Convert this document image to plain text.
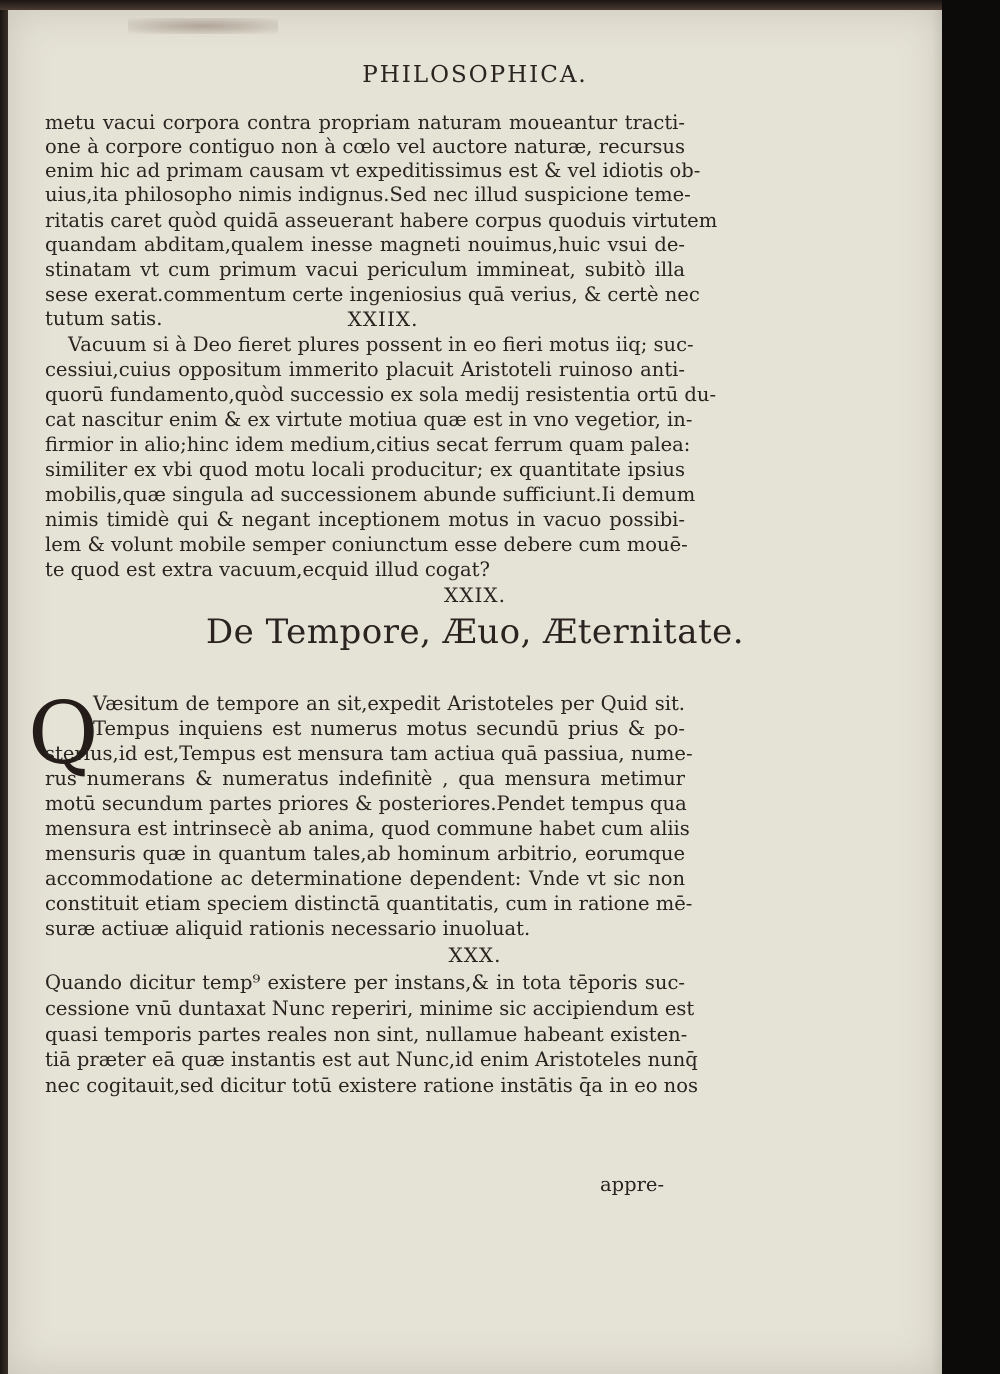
PHILOSOPHICA.

metu vacui corpora contra propriam naturam moueantur tracti-

one à corpore contiguo non à cœlo vel auctore naturæ, recursus

enim hic ad primam causam vt expeditissimus est & vel idiotis ob-

uius,ita philosopho nimis indignus.Sed nec illud suspicione teme-

ritatis caret quòd quidā asseuerant habere corpus quoduis virtutem

quandam abditam,qualem inesse magneti nouimus,huic vsui de-

stinatam vt cum primum vacui periculum immineat, subitò illa

sese exerat.commentum certe ingeniosius quā verius, & certè nec

tutum satis.	XXIIX.

Vacuum si à Deo fieret plures possent in eo fieri motus iiq; suc-

cessiui,cuius oppositum immerito placuit Aristoteli ruinoso anti-

quorū fundamento,quòd successio ex sola medij resistentia ortū du-

cat nascitur enim & ex virtute motiua quæ est in vno vegetior, in-

firmior in alio;hinc idem medium,citius secat ferrum quam palea:

similiter ex vbi quod motu locali producitur; ex quantitate ipsius

mobilis,quæ singula ad successionem abunde sufficiunt.Ii demum

nimis timidè qui & negant inceptionem motus in vacuo possibi-

lem & volunt mobile semper coniunctum esse debere cum mouē-

te quod est extra vacuum,ecquid illud cogat?

XXIX.

De Tempore, Æuo, Æternitate.

Q

Væsitum de tempore an sit,expedit Aristoteles per Quid sit.

Tempus inquiens est numerus motus secundū prius & po-

sterius,id est,Tempus est mensura tam actiua quā passiua, nume-

rus numerans & numeratus indefinitè , qua mensura metimur

motū secundum partes priores & posteriores.Pendet tempus qua

mensura est intrinsecè ab anima, quod commune habet cum aliis

mensuris quæ in quantum tales,ab hominum arbitrio, eorumque

accommodatione ac determinatione dependent: Vnde vt sic non

constituit etiam speciem distinctā quantitatis, cum in ratione mē-

suræ actiuæ aliquid rationis necessario inuoluat.

XXX.

Quando dicitur temp⁹ existere per instans,& in tota tēporis suc-

cessione vnū duntaxat Nunc reperiri, minime sic accipiendum est

quasi temporis partes reales non sint, nullamue habeant existen-

tiā præter eā quæ instantis est aut Nunc,id enim Aristoteles nunq̄

nec cogitauit,sed dicitur totū existere ratione instātis q̄a in eo nos

appre-
